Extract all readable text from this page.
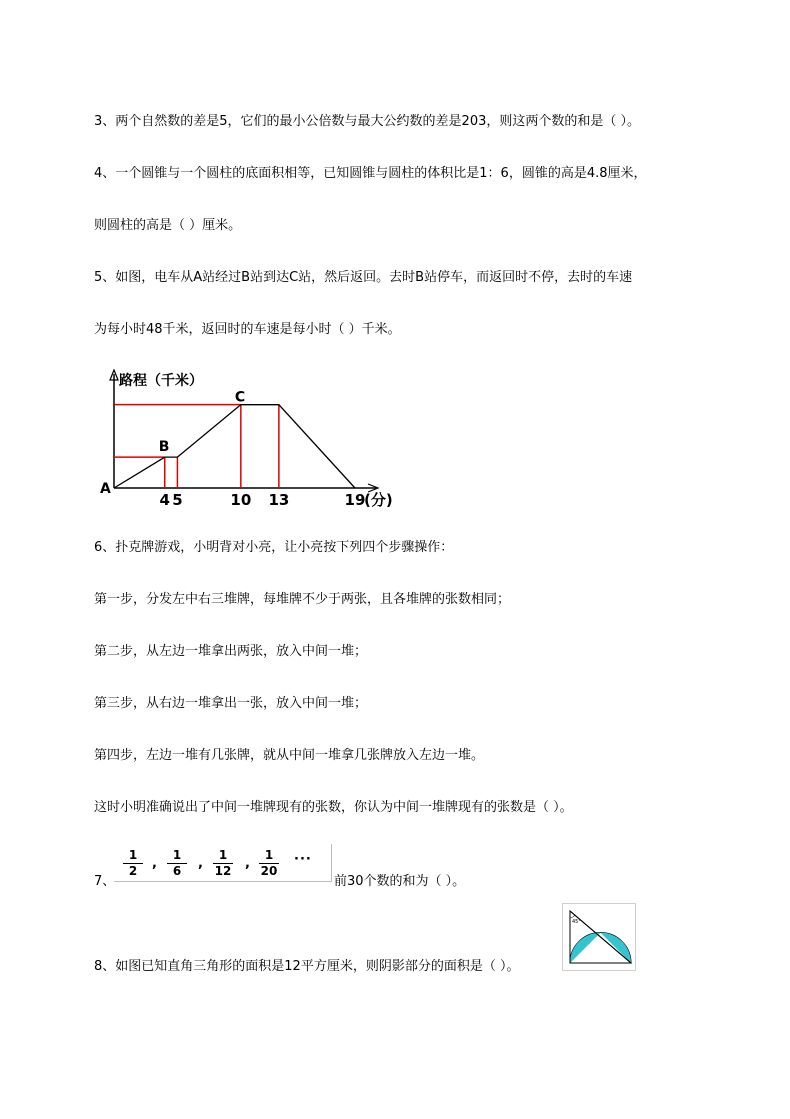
3、两个自然数的差是5，它们的最小公倍数与最大公约数的差是203，则这两个数的和是（ ）。
4、一个圆锥与一个圆柱的底面积相等，已知圆锥与圆柱的体积比是1：6，圆锥的高是4.8厘米，
则圆柱的高是（ ）厘米。
5、如图，电车从A站经过B站到达C站，然后返回。去时B站停车，而返回时不停，去时的车速
为每小时48千米，返回时的车速是每小时（ ）千米。
路程（千米）
A
B
C
4 5	10 13	19
(分)
6、扑克牌游戏，小明背对小亮，让小亮按下列四个步骤操作：
第一步，分发左中右三堆牌，每堆牌不少于两张，且各堆牌的张数相同；
第二步，从左边一堆拿出两张，放入中间一堆；
第三步，从右边一堆拿出一张，放入中间一堆；
第四步，左边一堆有几张牌，就从中间一堆拿几张牌放入左边一堆。
这时小明准确说出了中间一堆牌现有的张数，你认为中间一堆牌现有的张数是（ ）。
7、
1
2	,
1
6	,
1
12	,
1
20
···
前30个数的和为（ ）。
8、如图已知直角三角形的面积是12平方厘米，则阴影部分的面积是（ ）。
45°
